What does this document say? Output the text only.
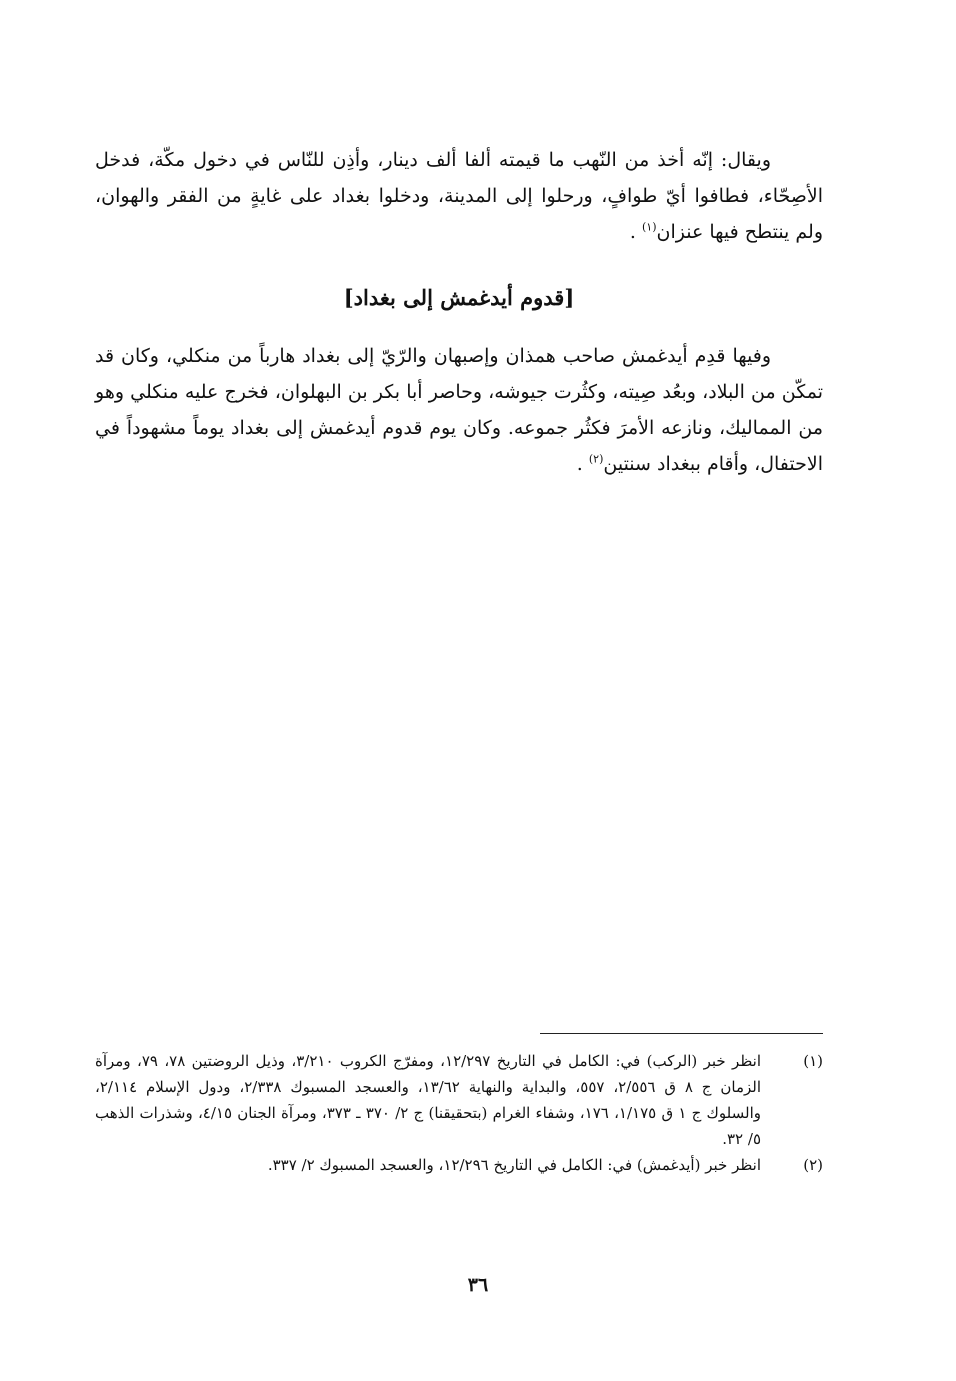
ويقال: إنّه أخذ من النّهب ما قيمته ألفا ألف دينار، وأذِن للنّاس في دخول مكّة، فدخل الأصِحّاء، فطافوا أيّ طوافٍ، ورحلوا إلى المدينة، ودخلوا بغداد على غايةٍ من الفقر والهوان، ولم ينتطح فيها عنزان$^{(١)}$ .

[قدوم أيدغمش إلى بغداد]

وفيها قدِم أيدغمش صاحب همذان وإصبهان والرّيّ إلى بغداد هارباً من منكلي، وكان قد تمكّن من البلاد، وبعُد صِيته، وكثُرت جيوشه، وحاصر أبا بكر بن البهلوان، فخرج عليه منكلي وهو من المماليك، ونازعه الأمرَ فكثُر جموعه. وكان يوم قدوم أيدغمش إلى بغداد يوماً مشهوداً في الاحتفال، وأقام ببغداد سنتين$^{(٢)}$ .

(١)
انظر خبر (الركب) في: الكامل في التاريخ ١٢/٢٩٧، ومفرّج الكروب ٣/٢١٠، وذيل الروضتين ٧٨، ٧٩، ومرآة الزمان ج ٨ ق ٢/٥٥٦، ٥٥٧، والبداية والنهاية ١٣/٦٢، والعسجد المسبوك ٢/٣٣٨، ودول الإسلام ٢/١١٤، والسلوك ج ١ ق ١/١٧٥، ١٧٦، وشفاء الغرام (بتحقيقنا) ج ٢/ ٣٧٠ ـ ٣٧٣، ومرآة الجنان ٤/١٥، وشذرات الذهب ٥/ ٣٢.
(٢)
انظر خبر (أيدغمش) في: الكامل في التاريخ ١٢/٢٩٦، والعسجد المسبوك ٢/ ٣٣٧.
٣٦
